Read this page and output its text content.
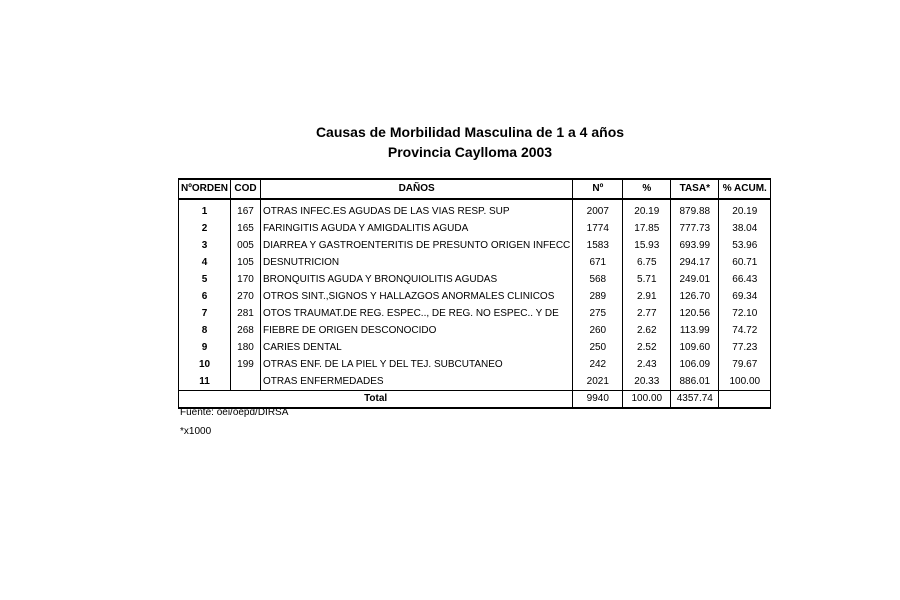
Causas de Morbilidad Masculina de 1 a 4 años
Provincia Caylloma 2003
NºORDEN	COD	DAÑOS	Nº	%	TASA*	% ACUM.
1	167	OTRAS INFEC.ES AGUDAS DE LAS VIAS RESP. SUP	2007	20.19	879.88	20.19
2	165	FARINGITIS AGUDA Y AMIGDALITIS AGUDA	1774	17.85	777.73	38.04
3	005	DIARREA Y GASTROENTERITIS DE PRESUNTO ORIGEN INFECC	1583	15.93	693.99	53.96
4	105	DESNUTRICION	671	6.75	294.17	60.71
5	170	BRONQUITIS AGUDA Y BRONQUIOLITIS AGUDAS	568	5.71	249.01	66.43
6	270	OTROS SINT.,SIGNOS Y HALLAZGOS ANORMALES CLINICOS	289	2.91	126.70	69.34
7	281	OTOS TRAUMAT.DE REG. ESPEC.., DE REG. NO ESPEC.. Y DE	275	2.77	120.56	72.10
8	268	FIEBRE DE ORIGEN DESCONOCIDO	260	2.62	113.99	74.72
9	180	CARIES DENTAL	250	2.52	109.60	77.23
10	199	OTRAS ENF. DE LA PIEL Y DEL TEJ. SUBCUTANEO	242	2.43	106.09	79.67
11		OTRAS ENFERMEDADES	2021	20.33	886.01	100.00
Total			9940	100.00	4357.74	
Fuente: oei/oepd/DIRSA
*x1000
